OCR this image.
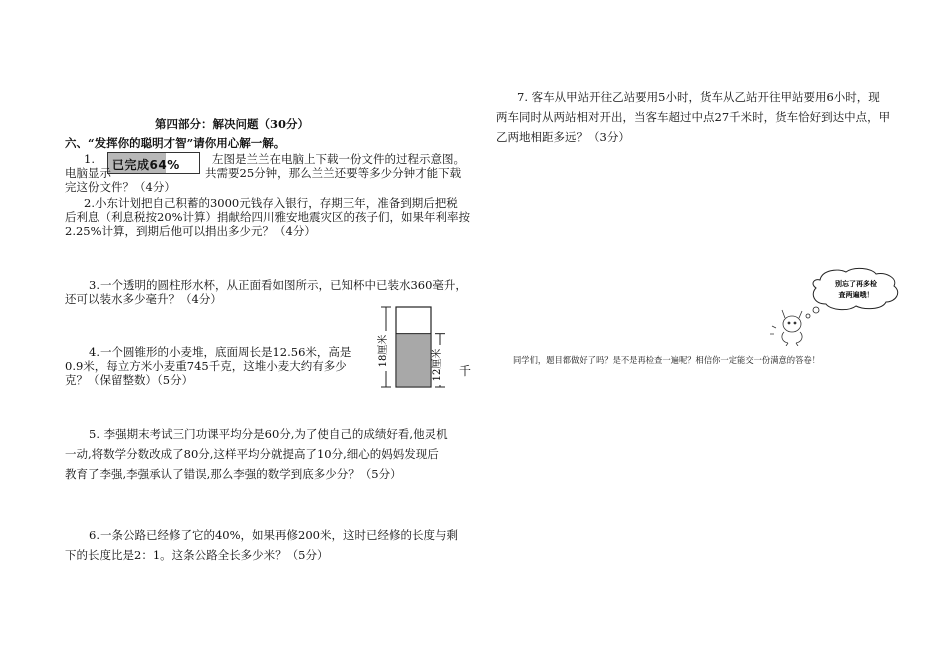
第四部分：解决问题（30分）
六、“发挥你的聪明才智”请你用心解一解。
1. 已完成64%	左图是兰兰在电脑上下载一份文件的过程示意图。
电脑显示	共需要25分钟，那么兰兰还要等多少分钟才能下载
完这份文件？（4分）
2.小东计划把自己积蓄的3000元钱存入银行，存期三年，准备到期后把税
后利息（利息税按20%计算）捐献给四川雅安地震灾区的孩子们，如果年利率按
2.25%计算，到期后他可以捐出多少元？（4分）
3.一个透明的圆柱形水杯，从正面看如图所示，已知杯中已装水360毫升，
还可以装水多少毫升？（4分）
18厘米	12厘米 千
4.一个圆锥形的小麦堆，底面周长是12.56米，高是
0.9米，每立方米小麦重745千克，这堆小麦大约有多少
克？（保留整数）（5分）
5. 李强期末考试三门功课平均分是60分,为了使自己的成绩好看,他灵机
一动,将数学分数改成了80分,这样平均分就提高了10分,细心的妈妈发现后
教育了李强,李强承认了错误,那么李强的数学到底多少分？（5分）
6.一条公路已经修了它的40%，如果再修200米，这时已经修的长度与剩
下的长度比是2：1。这条公路全长多少米？（5分）
7. 客车从甲站开往乙站要用5小时，货车从乙站开往甲站要用6小时，现
两车同时从两站相对开出，当客车超过中点27千米时，货车恰好到达中点，甲
乙两地相距多远？（3分）
别忘了再多检
查两遍哦！
同学们，题目都做好了吗？是不是再检查一遍呢？相信你一定能交一份满意的答卷！
